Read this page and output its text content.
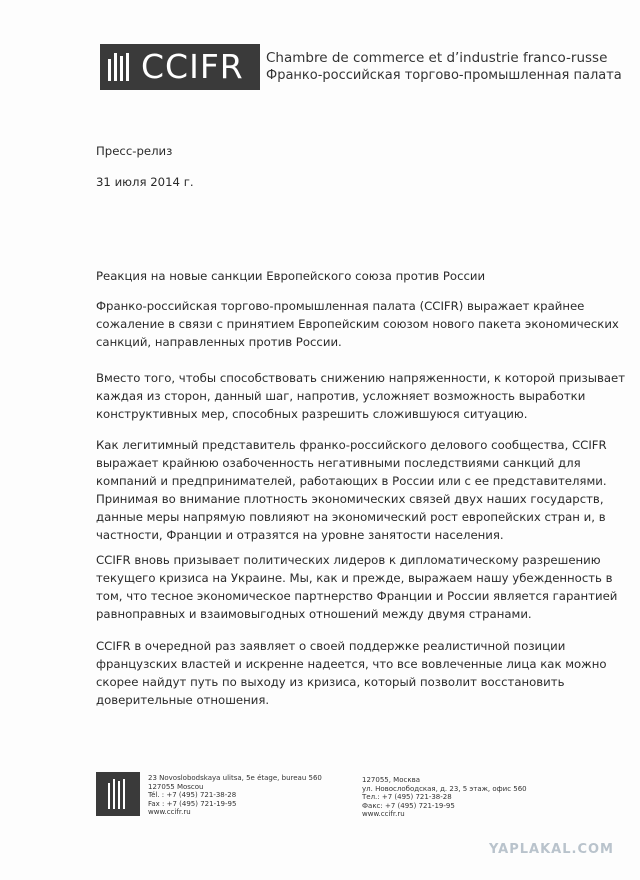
CCIFR Chambre de commerce et d’industrie franco-russe
Франко-российская торгово-промышленная палата
Пресс-релиз
31 июля 2014 г.
Реакция на новые санкции Европейского союза против России
Франко-российская торгово-промышленная палата (CCIFR) выражает крайнее
сожаление в связи с принятием Европейским союзом нового пакета экономических
санкций, направленных против России.
Вместо того, чтобы способствовать снижению напряженности, к которой призывает
каждая из сторон, данный шаг, напротив, усложняет возможность выработки
конструктивных мер, способных разрешить сложившуюся ситуацию.
Как легитимный представитель франко-российского делового сообщества, CCIFR
выражает крайнюю озабоченность негативными последствиями санкций для
компаний и предпринимателей, работающих в России или с ее представителями.
Принимая во внимание плотность экономических связей двух наших государств,
данные меры напрямую повлияют на экономический рост европейских стран и, в
частности, Франции и отразятся на уровне занятости населения.
CCIFR вновь призывает политических лидеров к дипломатическому разрешению
текущего кризиса на Украине. Мы, как и прежде, выражаем нашу убежденность в
том, что тесное экономическое партнерство Франции и России является гарантией
равноправных и взаимовыгодных отношений между двумя странами.
CCIFR в очередной раз заявляет о своей поддержке реалистичной позиции
французских властей и искренне надеется, что все вовлеченные лица как можно
скорее найдут путь по выходу из кризиса, который позволит восстановить
доверительные отношения.
23 Novoslobodskaya ulitsa, 5e étage, bureau 560
127055 Moscou
Tél. : +7 (495) 721-38-28
Fax : +7 (495) 721-19-95
www.ccifr.ru
127055, Москва
ул. Новослободская, д. 23, 5 этаж, офис 560
Тел.: +7 (495) 721-38-28
Факс: +7 (495) 721-19-95
www.ccifr.ru
YAPLAKAL.COM
